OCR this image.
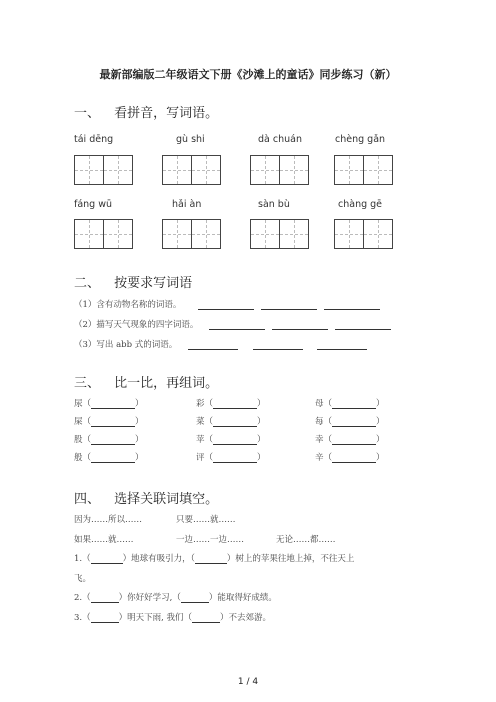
最新部编版二年级语文下册《沙滩上的童话》同步练习（新）
一、 看拼音，写词语。
tái dēng	gù shi	dà chuán	chèng gǎn
fáng wū	hǎi àn	sàn bù	chàng gē
二、 按要求写词语
（1）含有动物名称的词语。
（2）描写天气现象的四字词语。
（3）写出 abb 式的词语。
三、 比一比，再组词。
尿（	）	彩（	）	母（	）
屎（	）	菜（	）	每（	）
股（	）	苹（	）	幸（	）
般（	）	评（	）	辛（	）
四、 选择关联词填空。
因为……所以……	只要……就……
如果……就……	一边……一边……	无论……都……
1.（	）地球有吸引力，（	）树上的苹果往地上掉，不往天上
飞。
2.（	）你好好学习,（	）能取得好成绩。
3.（	）明天下雨, 我们（	）不去郊游。
1 / 4
